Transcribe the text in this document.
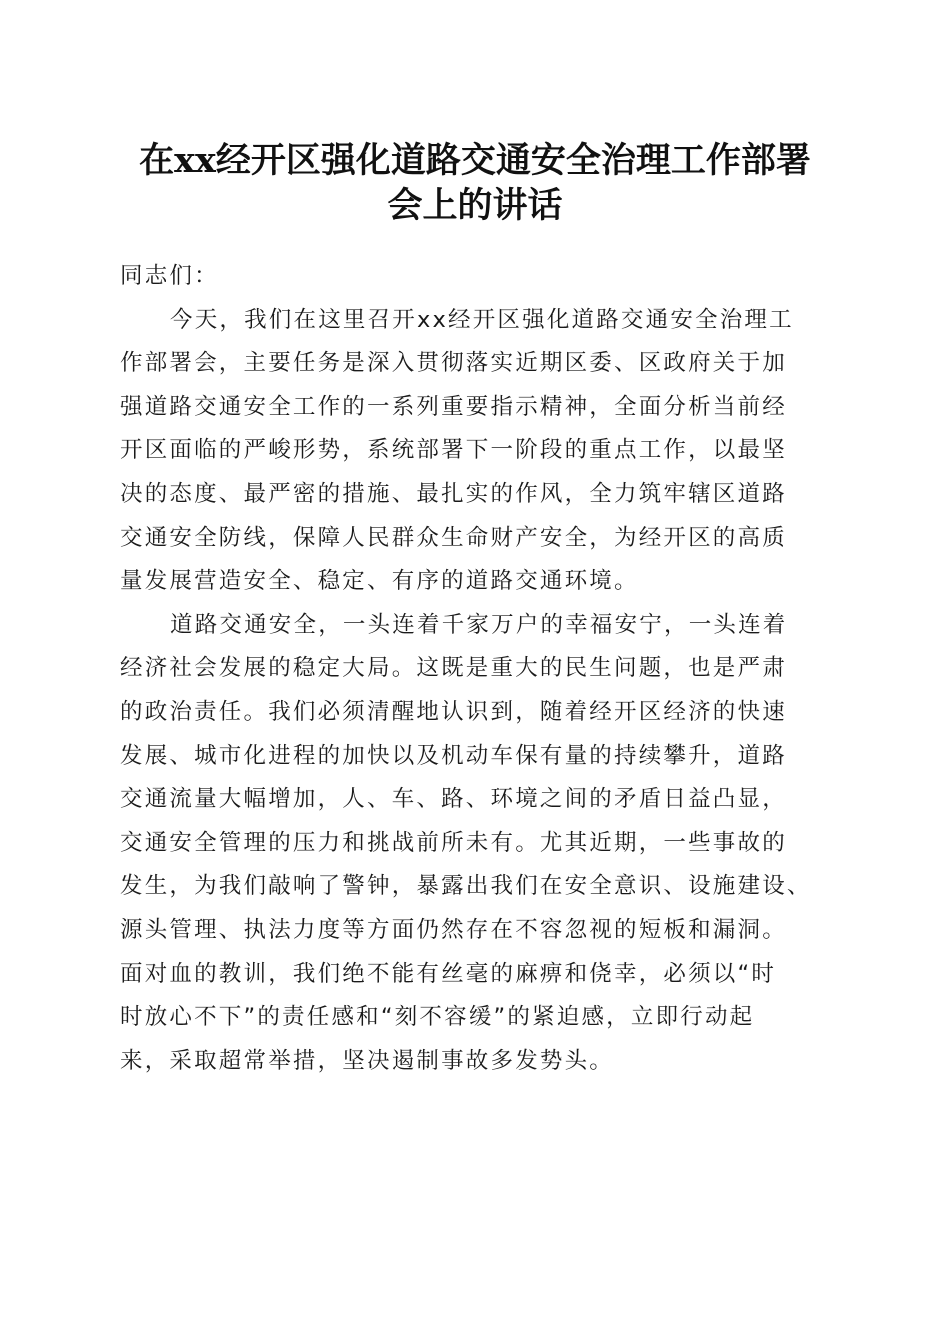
在xx经开区强化道路交通安全治理工作部署
会上的讲话
同志们：
今天，我们在这里召开xx经开区强化道路交通安全治理工
作部署会，主要任务是深入贯彻落实近期区委、区政府关于加
强道路交通安全工作的一系列重要指示精神，全面分析当前经
开区面临的严峻形势，系统部署下一阶段的重点工作，以最坚
决的态度、最严密的措施、最扎实的作风，全力筑牢辖区道路
交通安全防线，保障人民群众生命财产安全，为经开区的高质
量发展营造安全、稳定、有序的道路交通环境。
道路交通安全，一头连着千家万户的幸福安宁，一头连着
经济社会发展的稳定大局。这既是重大的民生问题，也是严肃
的政治责任。我们必须清醒地认识到，随着经开区经济的快速
发展、城市化进程的加快以及机动车保有量的持续攀升，道路
交通流量大幅增加，人、车、路、环境之间的矛盾日益凸显，
交通安全管理的压力和挑战前所未有。尤其近期，一些事故的
发生，为我们敲响了警钟，暴露出我们在安全意识、设施建设、
源头管理、执法力度等方面仍然存在不容忽视的短板和漏洞。
面对血的教训，我们绝不能有丝毫的麻痹和侥幸，必须以“时
时放心不下”的责任感和“刻不容缓”的紧迫感，立即行动起
来，采取超常举措，坚决遏制事故多发势头。
